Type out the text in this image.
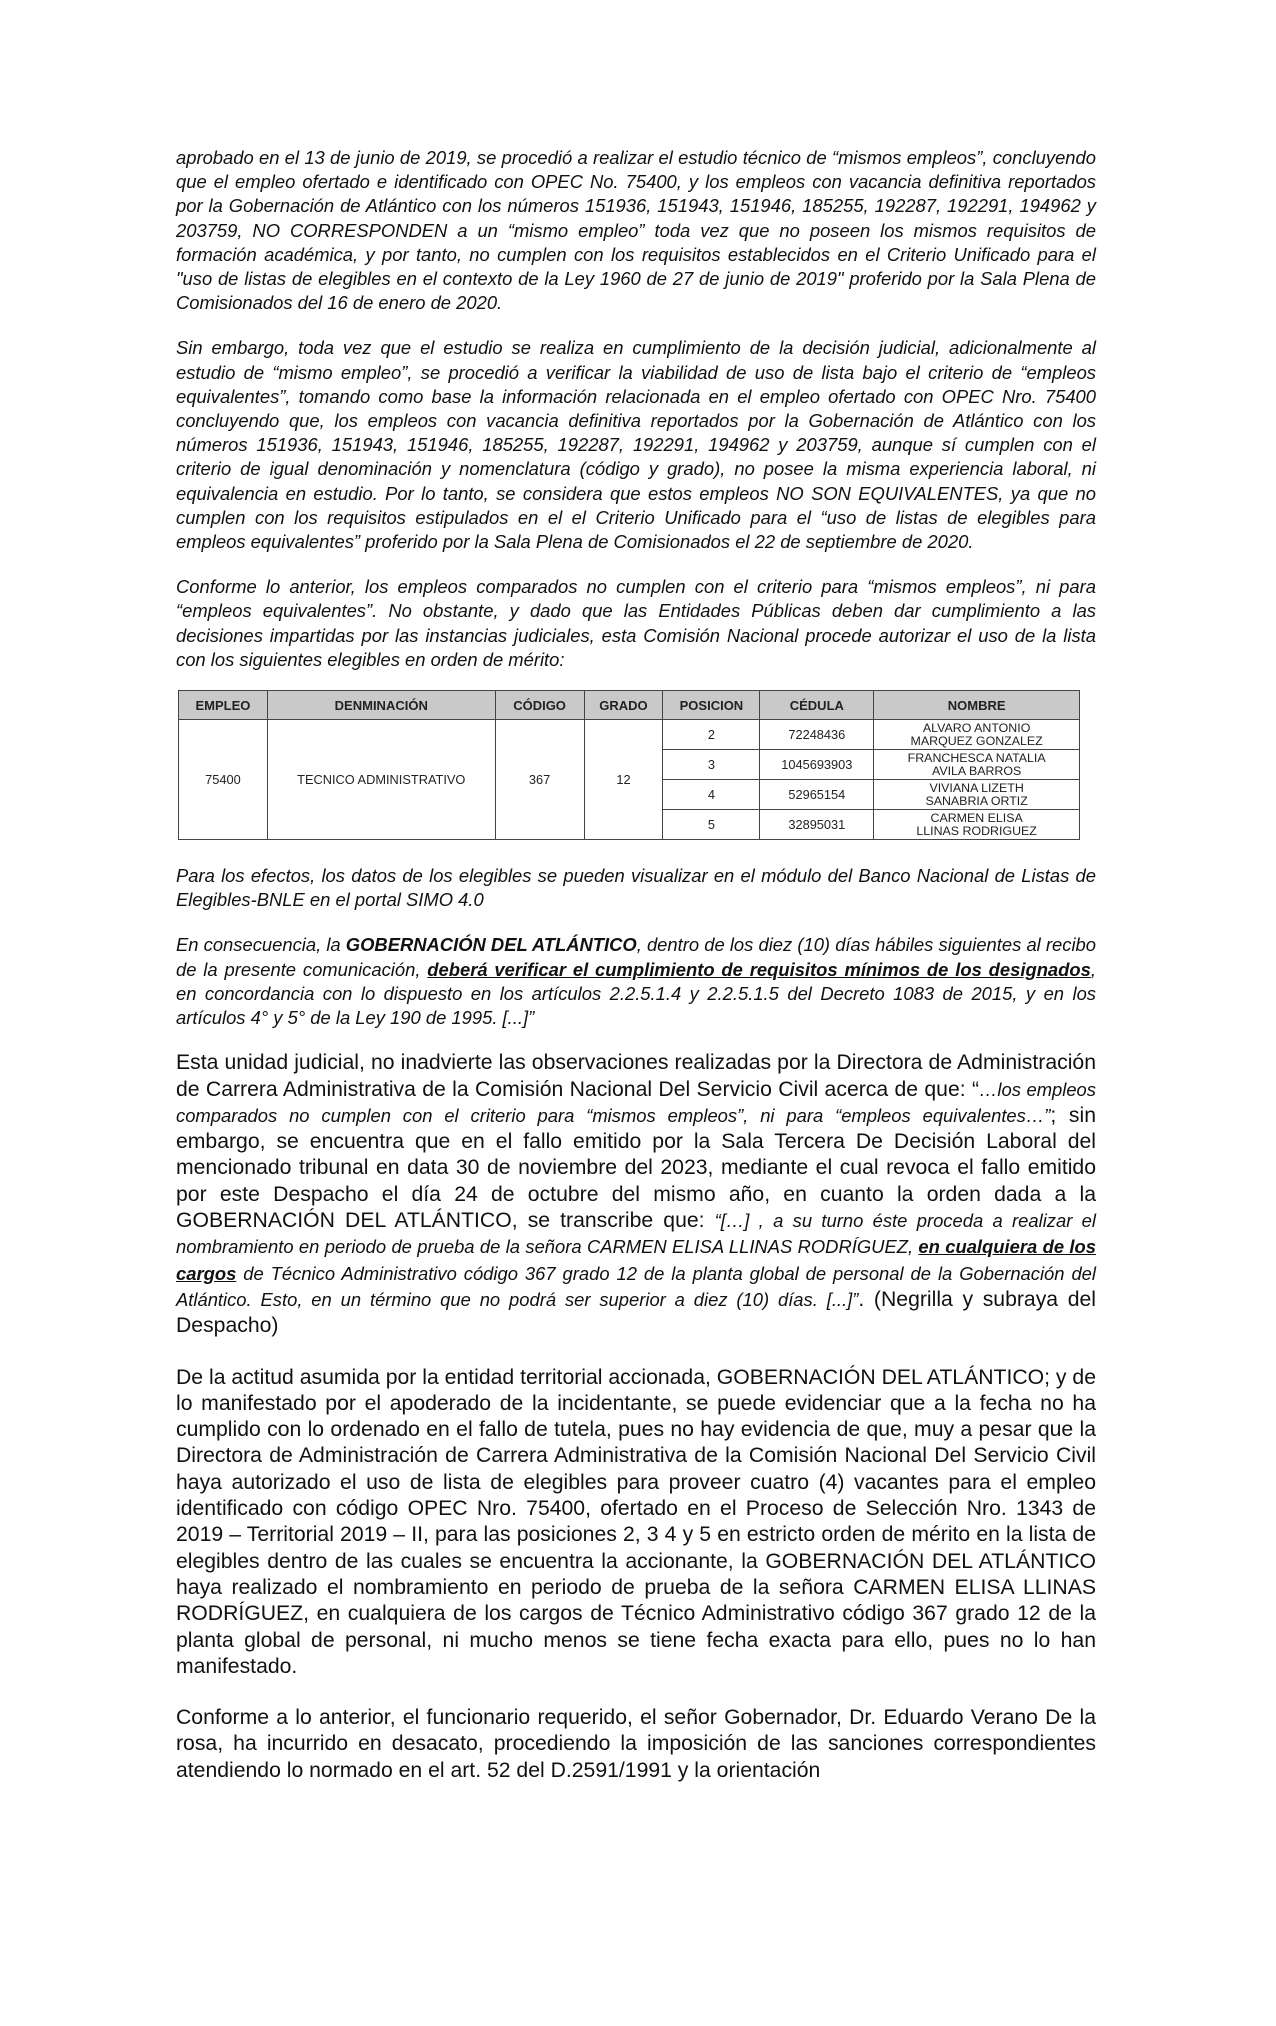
aprobado en el 13 de junio de 2019, se procedió a realizar el estudio técnico de “mismos empleos”, concluyendo que el empleo ofertado e identificado con OPEC No. 75400, y los empleos con vacancia definitiva reportados por la Gobernación de Atlántico con los números 151936, 151943, 151946, 185255, 192287, 192291, 194962 y 203759, NO CORRESPONDEN a un “mismo empleo” toda vez que no poseen los mismos requisitos de formación académica, y por tanto, no cumplen con los requisitos establecidos en el Criterio Unificado para el "uso de listas de elegibles en el contexto de la Ley 1960 de 27 de junio de 2019" proferido por la Sala Plena de Comisionados del 16 de enero de 2020.

Sin embargo, toda vez que el estudio se realiza en cumplimiento de la decisión judicial, adicionalmente al estudio de “mismo empleo”, se procedió a verificar la viabilidad de uso de lista bajo el criterio de “empleos equivalentes”, tomando como base la información relacionada en el empleo ofertado con OPEC Nro. 75400 concluyendo que, los empleos con vacancia definitiva reportados por la Gobernación de Atlántico con los números 151936, 151943, 151946, 185255, 192287, 192291, 194962 y 203759, aunque sí cumplen con el criterio de igual denominación y nomenclatura (código y grado), no posee la misma experiencia laboral, ni equivalencia en estudio. Por lo tanto, se considera que estos empleos NO SON EQUIVALENTES, ya que no cumplen con los requisitos estipulados en el el Criterio Unificado para el “uso de listas de elegibles para empleos equivalentes” proferido por la Sala Plena de Comisionados el 22 de septiembre de 2020.

Conforme lo anterior, los empleos comparados no cumplen con el criterio para “mismos empleos”, ni para “empleos equivalentes”. No obstante, y dado que las Entidades Públicas deben dar cumplimiento a las decisiones impartidas por las instancias judiciales, esta Comisión Nacional procede autorizar el uso de la lista con los siguientes elegibles en orden de mérito:

EMPLEO	DENMINACIÓN	CÓDIGO	GRADO	POSICION	CÉDULA	NOMBRE
75400	TECNICO ADMINISTRATIVO	367	12	2	72248436	ALVARO ANTONIO
MARQUEZ GONZALEZ
				3	1045693903	FRANCHESCA NATALIA
AVILA BARROS
				4	52965154	VIVIANA LIZETH
SANABRIA ORTIZ
				5	32895031	CARMEN ELISA
LLINAS RODRIGUEZ

Para los efectos, los datos de los elegibles se pueden visualizar en el módulo del Banco Nacional de Listas de Elegibles-BNLE en el portal SIMO 4.0

En consecuencia, la GOBERNACIÓN DEL ATLÁNTICO, dentro de los diez (10) días hábiles siguientes al recibo de la presente comunicación, deberá verificar el cumplimiento de requisitos mínimos de los designados, en concordancia con lo dispuesto en los artículos 2.2.5.1.4 y 2.2.5.1.5 del Decreto 1083 de 2015, y en los artículos 4° y 5° de la Ley 190 de 1995. [...]”

Esta unidad judicial, no inadvierte las observaciones realizadas por la Directora de Administración de Carrera Administrativa de la Comisión Nacional Del Servicio Civil acerca de que: “…los empleos comparados no cumplen con el criterio para “mismos empleos”, ni para “empleos equivalentes…”; sin embargo, se encuentra que en el fallo emitido por la Sala Tercera De Decisión Laboral del mencionado tribunal en data 30 de noviembre del 2023, mediante el cual revoca el fallo emitido por este Despacho el día 24 de octubre del mismo año, en cuanto la orden dada a la GOBERNACIÓN DEL ATLÁNTICO, se transcribe que: “[…] , a su turno éste proceda a realizar el nombramiento en periodo de prueba de la señora CARMEN ELISA LLINAS RODRÍGUEZ, en cualquiera de los cargos de Técnico Administrativo código 367 grado 12 de la planta global de personal de la Gobernación del Atlántico. Esto, en un término que no podrá ser superior a diez (10) días. [...]”. (Negrilla y subraya del Despacho)

De la actitud asumida por la entidad territorial accionada, GOBERNACIÓN DEL ATLÁNTICO; y de lo manifestado por el apoderado de la incidentante, se puede evidenciar que a la fecha no ha cumplido con lo ordenado en el fallo de tutela, pues no hay evidencia de que, muy a pesar que la Directora de Administración de Carrera Administrativa de la Comisión Nacional Del Servicio Civil haya autorizado el uso de lista de elegibles para proveer cuatro (4) vacantes para el empleo identificado con código OPEC Nro. 75400, ofertado en el Proceso de Selección Nro. 1343 de 2019 – Territorial 2019 – II, para las posiciones 2, 3 4 y 5 en estricto orden de mérito en la lista de elegibles dentro de las cuales se encuentra la accionante, la GOBERNACIÓN DEL ATLÁNTICO haya realizado el nombramiento en periodo de prueba de la señora CARMEN ELISA LLINAS RODRÍGUEZ, en cualquiera de los cargos de Técnico Administrativo código 367 grado 12 de la planta global de personal, ni mucho menos se tiene fecha exacta para ello, pues no lo han manifestado.

Conforme a lo anterior, el funcionario requerido, el señor Gobernador, Dr. Eduardo Verano De la rosa, ha incurrido en desacato, procediendo la imposición de las sanciones correspondientes atendiendo lo normado en el art. 52 del D.2591/1991 y la orientación
